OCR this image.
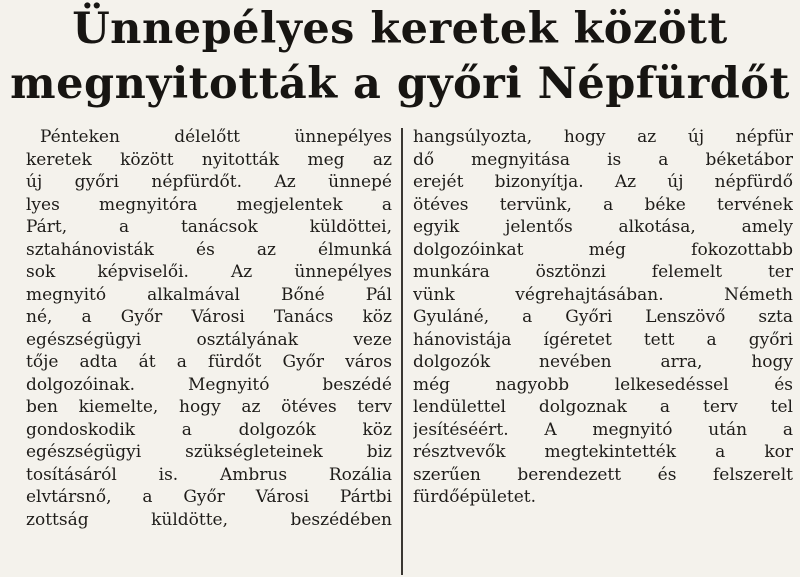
Ünnepélyes keretek között
megnyitották a győri Népfürdőt
Pénteken délelőtt ünnepélyes
keretek között nyitották meg az
új győri népfürdőt. Az ünnepé
lyes megnyitóra megjelentek a
Párt, a tanácsok küldöttei,
sztahánovisták és az élmunká
sok képviselői. Az ünnepélyes
megnyitó alkalmával Bőné Pál
né, a Győr Városi Tanács köz
egészségügyi osztályának veze
tője adta át a fürdőt Győr város
dolgozóinak. Megnyitó beszédé
ben kiemelte, hogy az ötéves terv
gondoskodik a dolgozók köz
egészségügyi szükségleteinek biz
tosításáról is. Ambrus Rozália
elvtársnő, a Győr Városi Pártbi
zottság küldötte, beszédében
hangsúlyozta, hogy az új népfür
dő megnyitása is a béketábor
erejét bizonyítja. Az új népfürdő
ötéves tervünk, a béke tervének
egyik jelentős alkotása, amely
dolgozóinkat még fokozottabb
munkára ösztönzi felemelt ter
vünk végrehajtásában. Németh
Gyuláné, a Győri Lenszövő szta
hánovistája ígéretet tett a győri
dolgozók nevében arra, hogy
még nagyobb lelkesedéssel és
lendülettel dolgoznak a terv tel
jesítéséért. A megnyitó után a
résztvevők megtekintették a kor
szerűen berendezett és felszerelt
fürdőépületet.
